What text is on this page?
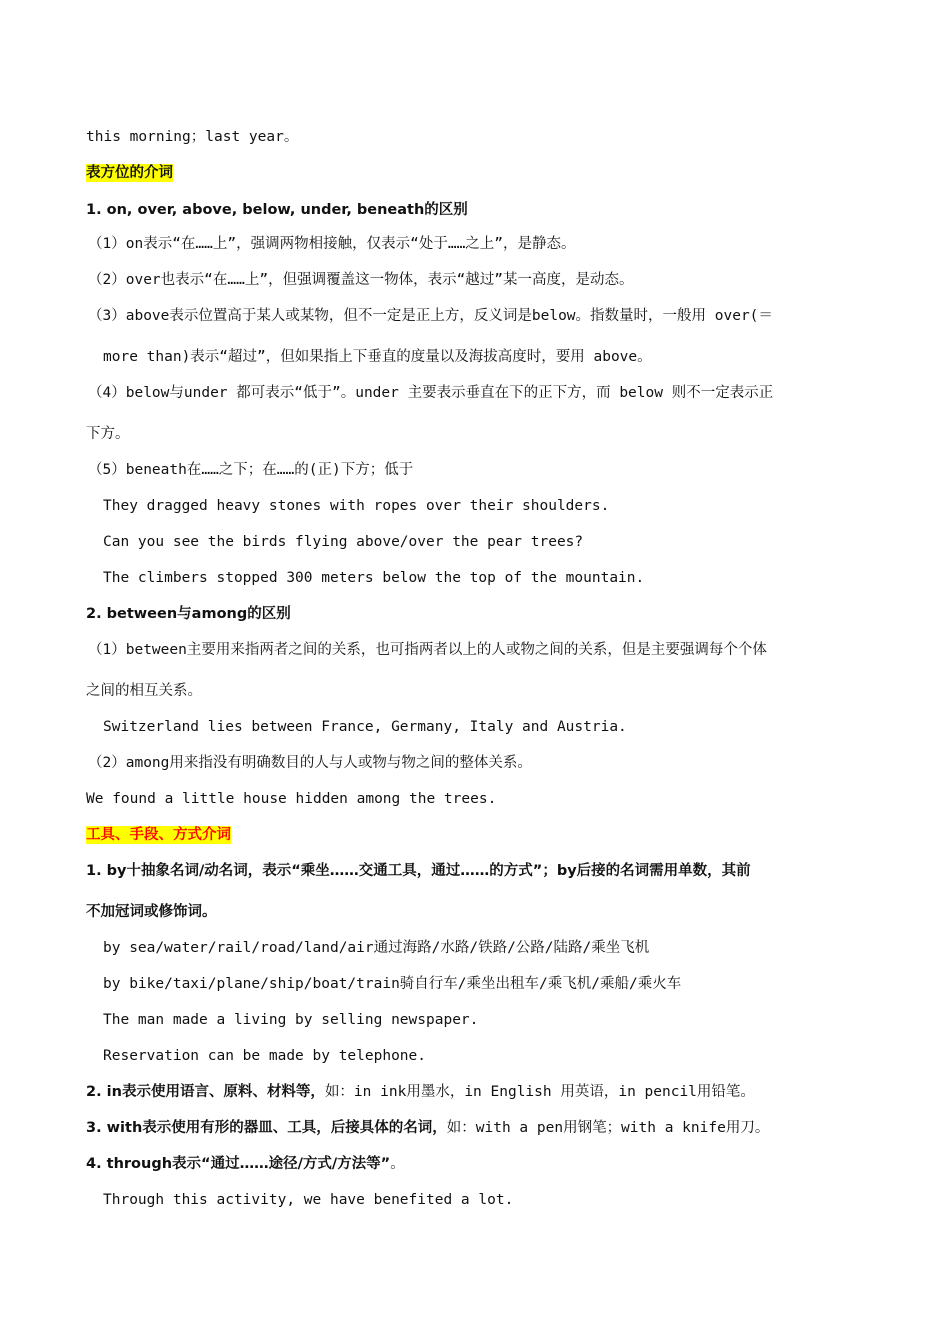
this morning；last year。
表方位的介词
1. on, over, above, below, under, beneath的区别
（1）on表示“在……上”，强调两物相接触，仅表示“处于……之上”，是静态。
（2）over也表示“在……上”，但强调覆盖这一物体，表示“越过”某一高度，是动态。
（3）above表示位置高于某人或某物，但不一定是正上方，反义词是below。指数量时，一般用 over(＝
more than)表示“超过”，但如果指上下垂直的度量以及海拔高度时，要用 above。
（4）below与under 都可表示“低于”。under 主要表示垂直在下的正下方，而 below 则不一定表示正
下方。
（5）beneath在……之下；在……的(正)下方；低于
They dragged heavy stones with ropes over their shoulders.
Can you see the birds flying above/over the pear trees?
The climbers stopped 300 meters below the top of the mountain.
2. between与among的区别
（1）between主要用来指两者之间的关系，也可指两者以上的人或物之间的关系，但是主要强调每个个体
之间的相互关系。
Switzerland lies between France, Germany, Italy and Austria.
（2）among用来指没有明确数目的人与人或物与物之间的整体关系。
We found a little house hidden among the trees.
工具、手段、方式介词
1. by十抽象名词/动名词，表示“乘坐……交通工具，通过……的方式”；by后接的名词需用单数，其前
不加冠词或修饰词。
by sea/water/rail/road/land/air通过海路/水路/铁路/公路/陆路/乘坐飞机
by bike/taxi/plane/ship/boat/train骑自行车/乘坐出租车/乘飞机/乘船/乘火车
The man made a living by selling newspaper.
Reservation can be made by telephone.
2. in表示使用语言、原料、材料等，如：in ink用墨水，in English 用英语，in pencil用铅笔。
3. with表示使用有形的器皿、工具，后接具体的名词，如：with a pen用钢笔；with a knife用刀。
4. through表示“通过……途径/方式/方法等”。
Through this activity, we have benefited a lot.
